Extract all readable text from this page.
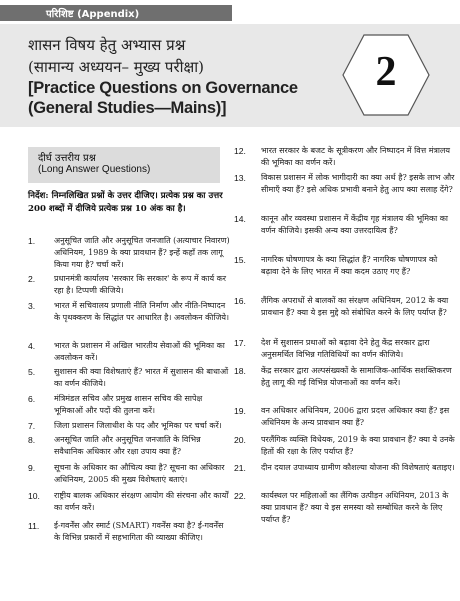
परिशिष्ट (Appendix)
शासन विषय हेतु अभ्यास प्रश्न
(सामान्य अध्ययन– मुख्य परीक्षा)
[Practice Questions on Governance
(General Studies—Mains)]
2
दीर्घ उत्तरीय प्रश्न
(Long Answer Questions)
निर्देश: निम्नलिखित प्रश्नों के उत्तर दीजिए। प्रत्येक प्रश्न का उत्तर 200 शब्दों में दीजिये प्रत्येक प्रश्न 10 अंक का है।
1. अनुसूचित जाति और अनुसूचित जनजाति (अत्याचार निवारण) अधिनियम, 1989 के क्या प्रावधान हैं? इन्हें कहाँ तक लागू किया गया है? चर्चा करें।
2. प्रधानमंत्री कार्यालय 'सरकार कि सरकार' के रूप में कार्य कर रहा है। टिप्पणी कीजिये।
3. भारत में सचिवालय प्रणाली नीति निर्माण और नीति-निष्पादन के पृथक्करण के सिद्धांत पर आधारित है। अवलोकन कीजिये।
4. भारत के प्रशासन में अखिल भारतीय सेवाओं की भूमिका का अवलोकन करें।
5. सुशासन की क्या विशेषताएं हैं? भारत में सुशासन की बाधाओं का वर्णन कीजिये।
6. मंत्रिमंडल सचिव और प्रमुख शासन सचिव की सापेक्ष भूमिकाओं और पदों की तुलना करें।
7. जिला प्रशासन जिलाधीश के पद और भूमिका पर चर्चा करें।
8. अनसूचित जाति और अनुसूचित जनजाति के विभिन्न सवैधानिक अधिकार और रक्षा उपाय क्या हैं?
9. सूचना के अधिकार का औचित्य क्या है? सूचना का अधिकार अधिनियम, 2005 की मुख्य विशेषताएं बताएं।
10. राष्ट्रीय बालक अधिकार संरक्षण आयोग की संरचना और कार्यों का वर्णन करें।
11. ई-गवर्नेंस और स्मार्ट (SMART) गवर्नेंस क्या है? ई-गवर्नेंस के विभिन्न प्रकारों में सहभागिता की व्याख्या कीजिए।
12. भारत सरकार के बजट के सूत्रीकरण और निष्पादन में वित्त मंत्रालय की भूमिका का वर्णन करें।
13. विकास प्रशासन में लोक भागीदारी का क्या अर्थ है? इसके लाभ और सीमाएँ क्या हैं? इसे अधिक प्रभावी बनाने हेतु आप क्या सलाह देंगे?
14. कानून और व्यवस्था प्रशासन में केंद्रीय गृह मंत्रालय की भूमिका का वर्णन कीजिये। इसकी अन्य क्या उत्तरदायित्व हैं?
15. नागरिक घोषणापत्र के क्या सिद्धांत हैं? नागरिक घोषणापत्र को बढ़ावा देने के लिए भारत में क्या कदम उठाए गए हैं?
16. लैंगिक अपराधों से बालकों का संरक्षण अधिनियम, 2012 के क्या प्रावधान हैं? क्या ये इस मुद्दे को संबोधित करने के लिए पर्याप्त हैं?
17. देश में सुशासन प्रथाओं को बढ़ावा देने हेतु केंद्र सरकार द्वारा अनुसमर्थित विभिन्न गतिविधियों का वर्णन कीजिये।
18. केंद्र सरकार द्वारा अल्पसंख्यकों के सामाजिक-आर्थिक सशक्तिकरण हेतु लागू की गई विभिन्न योजनाओं का वर्णन करें।
19. वन अधिकार अधिनियम, 2006 द्वारा प्रदत्त अधिकार क्या हैं? इस अधिनियम के अन्य प्रावधान क्या हैं?
20. परलैंगिक व्यक्ति विधेयक, 2019 के क्या प्रावधान हैं? क्या ये उनके हितों की रक्षा के लिए पर्याप्त हैं?
21. दीन दयाल उपाध्याय ग्रामीण कौशल्या योजना की विशेषताएं बताइए।
22. कार्यस्थल पर महिलाओं का लैंगिक उत्पीड़न अधिनियम, 2013 के क्या प्रावधान हैं? क्या ये इस समस्या को सम्बोधित करने के लिए पर्याप्त हैं?
